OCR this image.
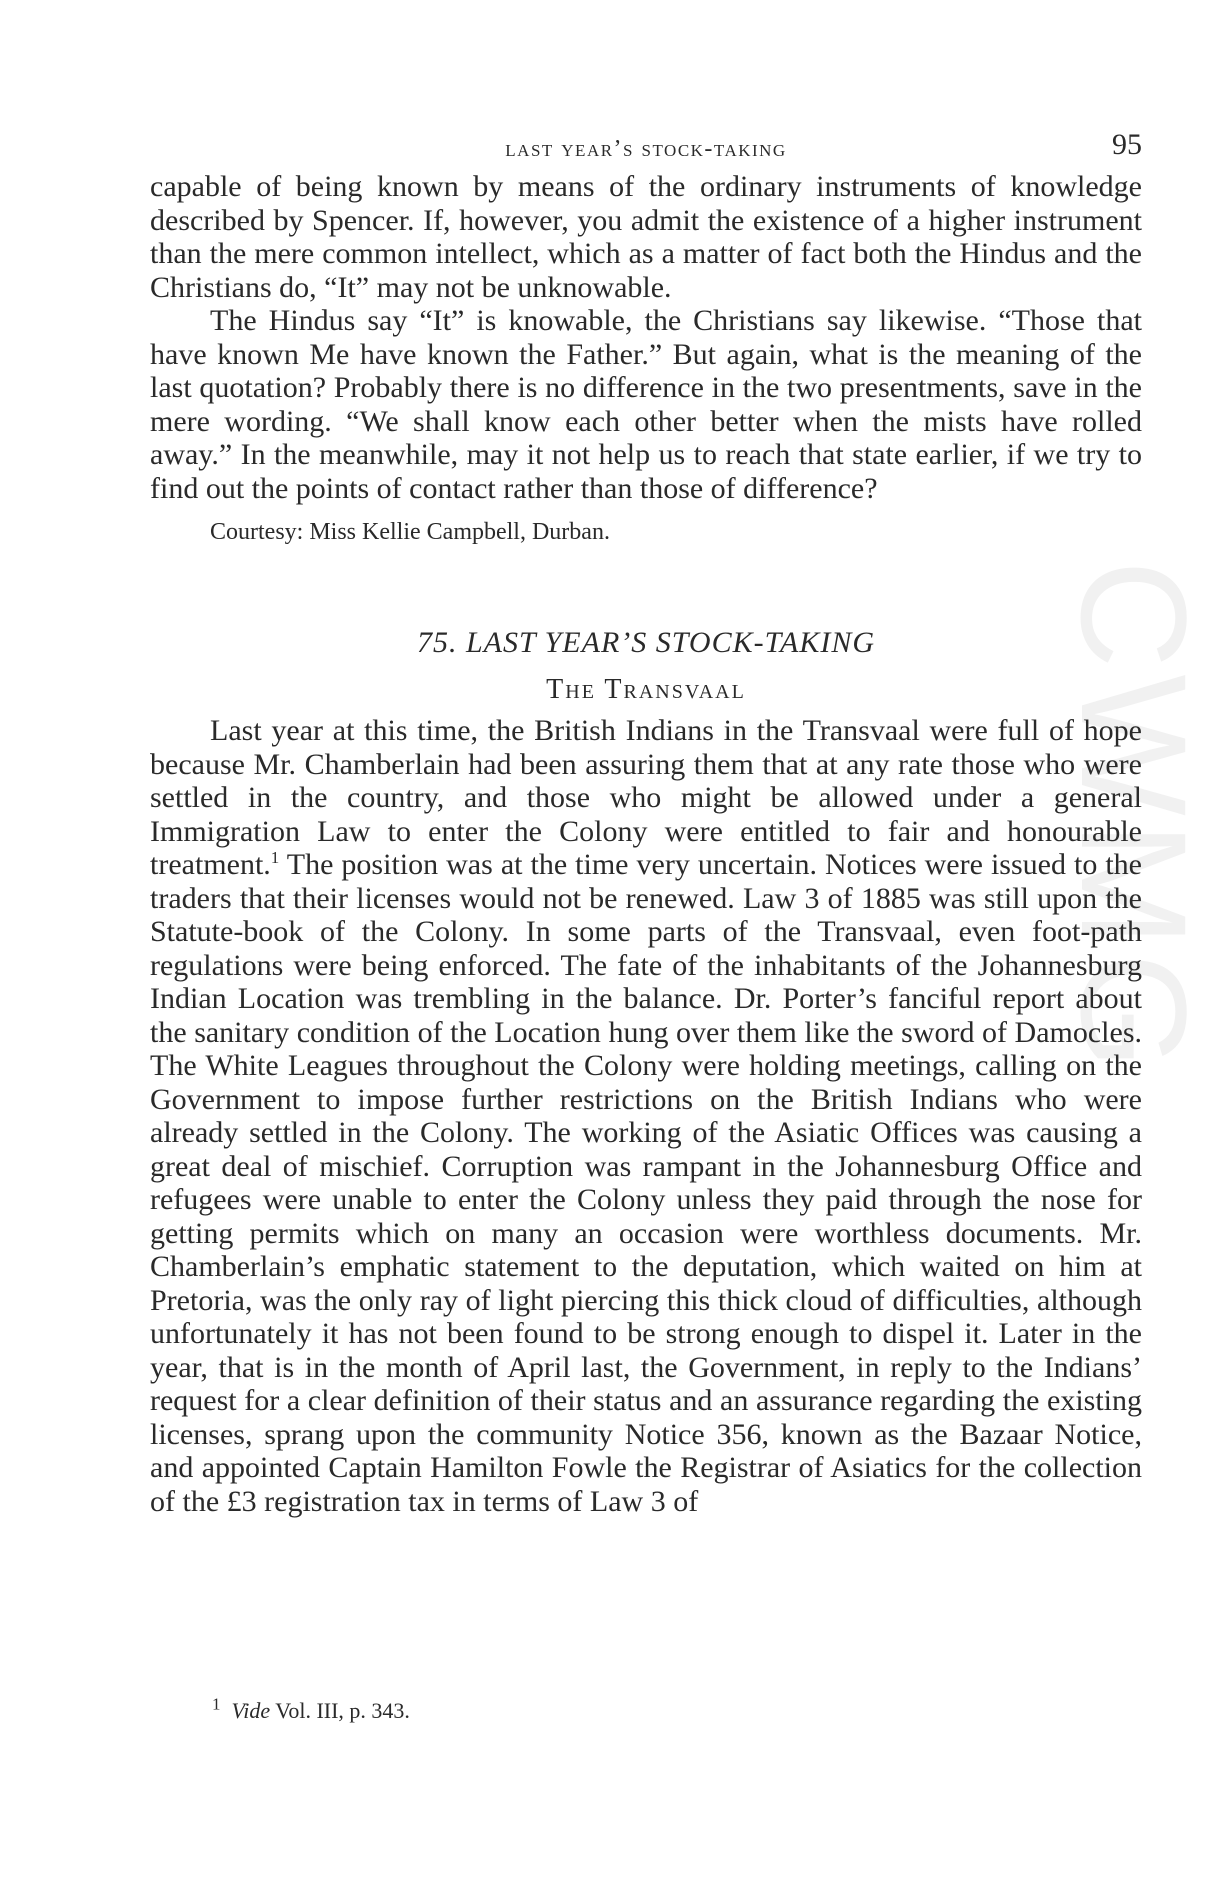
CWMG
last year’s stock-taking	95

capable of being known by means of the ordinary instruments of knowledge described by Spencer. If, however, you admit the existence of a higher instrument than the mere common intellect, which as a matter of fact both the Hindus and the Christians do, “It” may not be unknowable.

The Hindus say “It” is knowable, the Christians say likewise. “Those that have known Me have known the Father.” But again, what is the meaning of the last quotation? Probably there is no difference in the two presentments, save in the mere wording. “We shall know each other better when the mists have rolled away.” In the meanwhile, may it not help us to reach that state earlier, if we try to find out the points of contact rather than those of difference?

Courtesy: Miss Kellie Campbell, Durban.
75. LAST YEAR’S STOCK-TAKING
The Transvaal

Last year at this time, the British Indians in the Transvaal were full of hope because Mr. Chamberlain had been assuring them that at any rate those who were settled in the country, and those who might be allowed under a general Immigration Law to enter the Colony were entitled to fair and honourable treatment.$^1$ The position was at the time very uncertain. Notices were issued to the traders that their licenses would not be renewed. Law 3 of 1885 was still upon the Statute-book of the Colony. In some parts of the Transvaal, even foot-path regulations were being enforced. The fate of the inhabitants of the Johannesburg Indian Location was trembling in the balance. Dr. Porter’s fanciful report about the sanitary condition of the Location hung over them like the sword of Damocles. The White Leagues throughout the Colony were holding meetings, calling on the Government to impose further restrictions on the British Indians who were already settled in the Colony. The working of the Asiatic Offices was causing a great deal of mischief. Corruption was rampant in the Johannesburg Office and refugees were unable to enter the Colony unless they paid through the nose for getting permits which on many an occasion were worthless documents. Mr. Chamberlain’s emphatic statement to the deputation, which waited on him at Pretoria, was the only ray of light piercing this thick cloud of difficulties, although unfortunately it has not been found to be strong enough to dispel it. Later in the year, that is in the month of April last, the Government, in reply to the Indians’ request for a clear definition of their status and an assurance regarding the existing licenses, sprang upon the community Notice 356, known as the Bazaar Notice, and appointed Captain Hamilton Fowle the Registrar of Asiatics for the collection of the £3 registration tax in terms of Law 3 of

$^1$ Vide Vol. III, p. 343.
